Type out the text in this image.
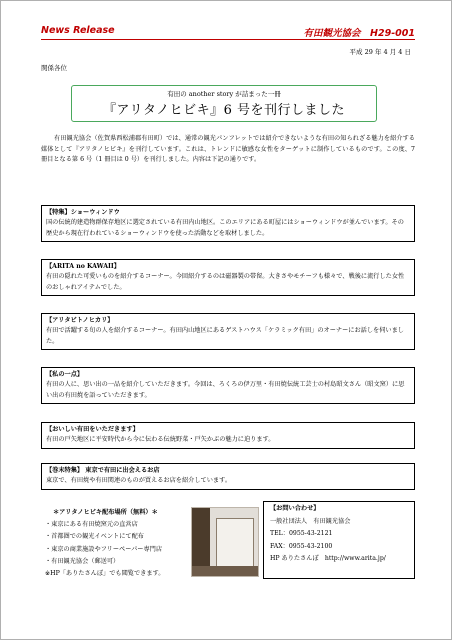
News Release	有田観光協会　H29-001
平成 29 年 4 月 4 日
関係各位
有田の another story が詰まった一冊
『アリタノヒビキ』6 号を刊行しました
有田観光協会（佐賀県西松浦郡有田町）では、通常の観光パンフレットでは紹介できないような有田の知られざる魅力を紹介する媒体として『アリタノヒビキ』を刊行しています。これは、トレンドに敏感な女性をターゲットに制作しているものです。この度、7 冊目となる第 6 号（1 冊目は 0 号）を刊行しました。内容は下記の通りです。
【特集】ショーウィンドウ
国の伝統的建造物群保存地区に選定されている有田内山地区。このエリアにある町屋にはショーウィンドウが並んでいます。その歴史から現在行われているショーウィンドウを使った活動などを取材しました。
【ARITA no KAWAII】
有田の隠れた可愛いものを紹介するコーナー。今回紹介するのは磁器製の帯留。大きさやモチーフも様々で、戦後に流行した女性のおしゃれアイテムでした。
【アリタビトノヒカリ】
有田で活躍する旬の人を紹介するコーナー。有田内山地区にあるゲストハウス「ケラミック有田」のオーナーにお話しを伺いました。
【私の一点】
有田の人に、思い出の一品を紹介していただきます。今回は、ろくろの伊万里・有田焼伝統工芸士の村島昭文さん（昭文窯）に思い出の有田焼を語っていただきます。
【おいしい有田をいただきます】
有田の戸矢地区に平安時代から今に伝わる伝統野菜・戸矢かぶの魅力に迫ります。
【巻末特集】 東京で有田に出会えるお店
東京で、有田焼や有田関連のものが買えるお店を紹介しています。
＊アリタノヒビキ配布場所（無料）＊
・東京にある有田焼窯元の直営店
・首都圏での観光イベントにて配布
・東京の商業施設やフリーペーパー専門店
・有田観光協会（郵送可）
※HP「ありたさんぽ」でも閲覧できます。
【お問い合わせ】
一般社団法人　有田観光協会
TEL：0955-43-2121
FAX：0955-43-2100
HP ありたさんぽ　http://www.arita.jp/
